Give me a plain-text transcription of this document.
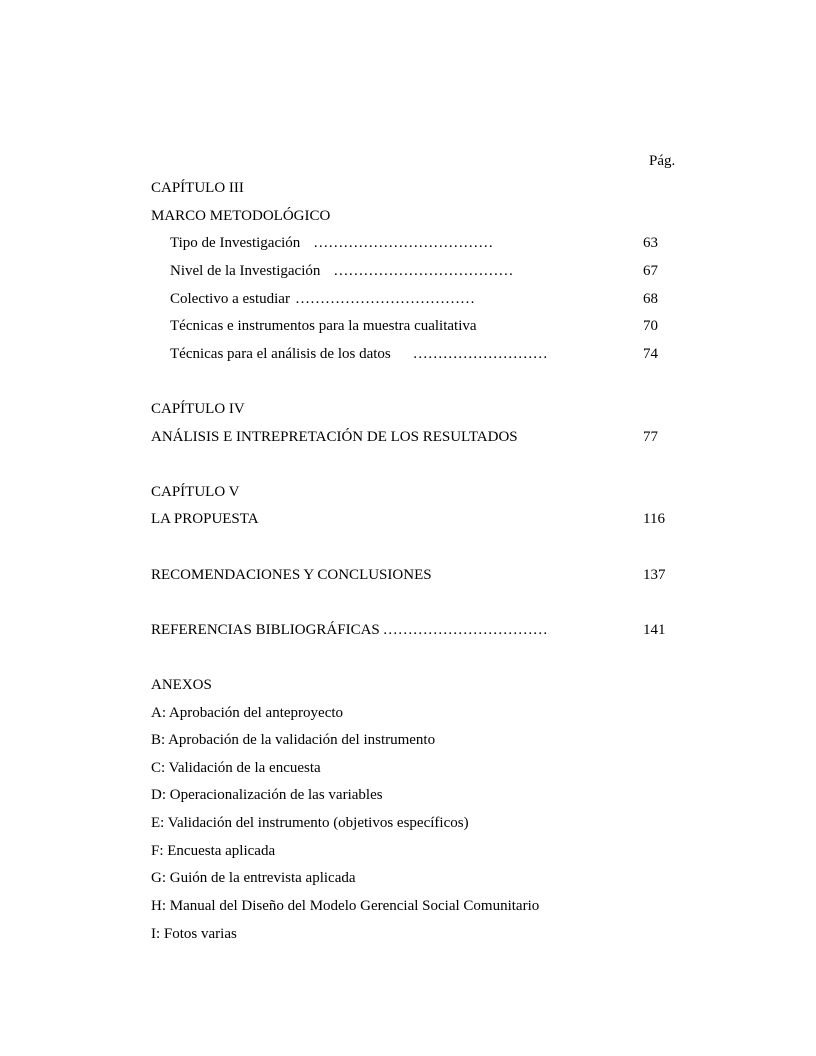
Pág.
CAPÍTULO III
MARCO METODOLÓGICO
Tipo de Investigación ………………………………	63
Nivel de la Investigación ………………………………	67
Colectivo a estudiar ………………………………	68
Técnicas e instrumentos para la muestra cualitativa	70
Técnicas para el análisis de los datos ………………………	74
CAPÍTULO IV
ANÁLISIS E INTREPRETACIÓN DE LOS RESULTADOS	77
CAPÍTULO V
LA PROPUESTA	116
RECOMENDACIONES Y CONCLUSIONES	137
REFERENCIAS BIBLIOGRÁFICAS ……………………………	141
ANEXOS
A: Aprobación del anteproyecto
B: Aprobación de la validación del instrumento
C: Validación de la encuesta
D: Operacionalización de las variables
E: Validación del instrumento (objetivos específicos)
F: Encuesta aplicada
G: Guión de la entrevista aplicada
H: Manual del Diseño del Modelo Gerencial Social Comunitario
I: Fotos varias
